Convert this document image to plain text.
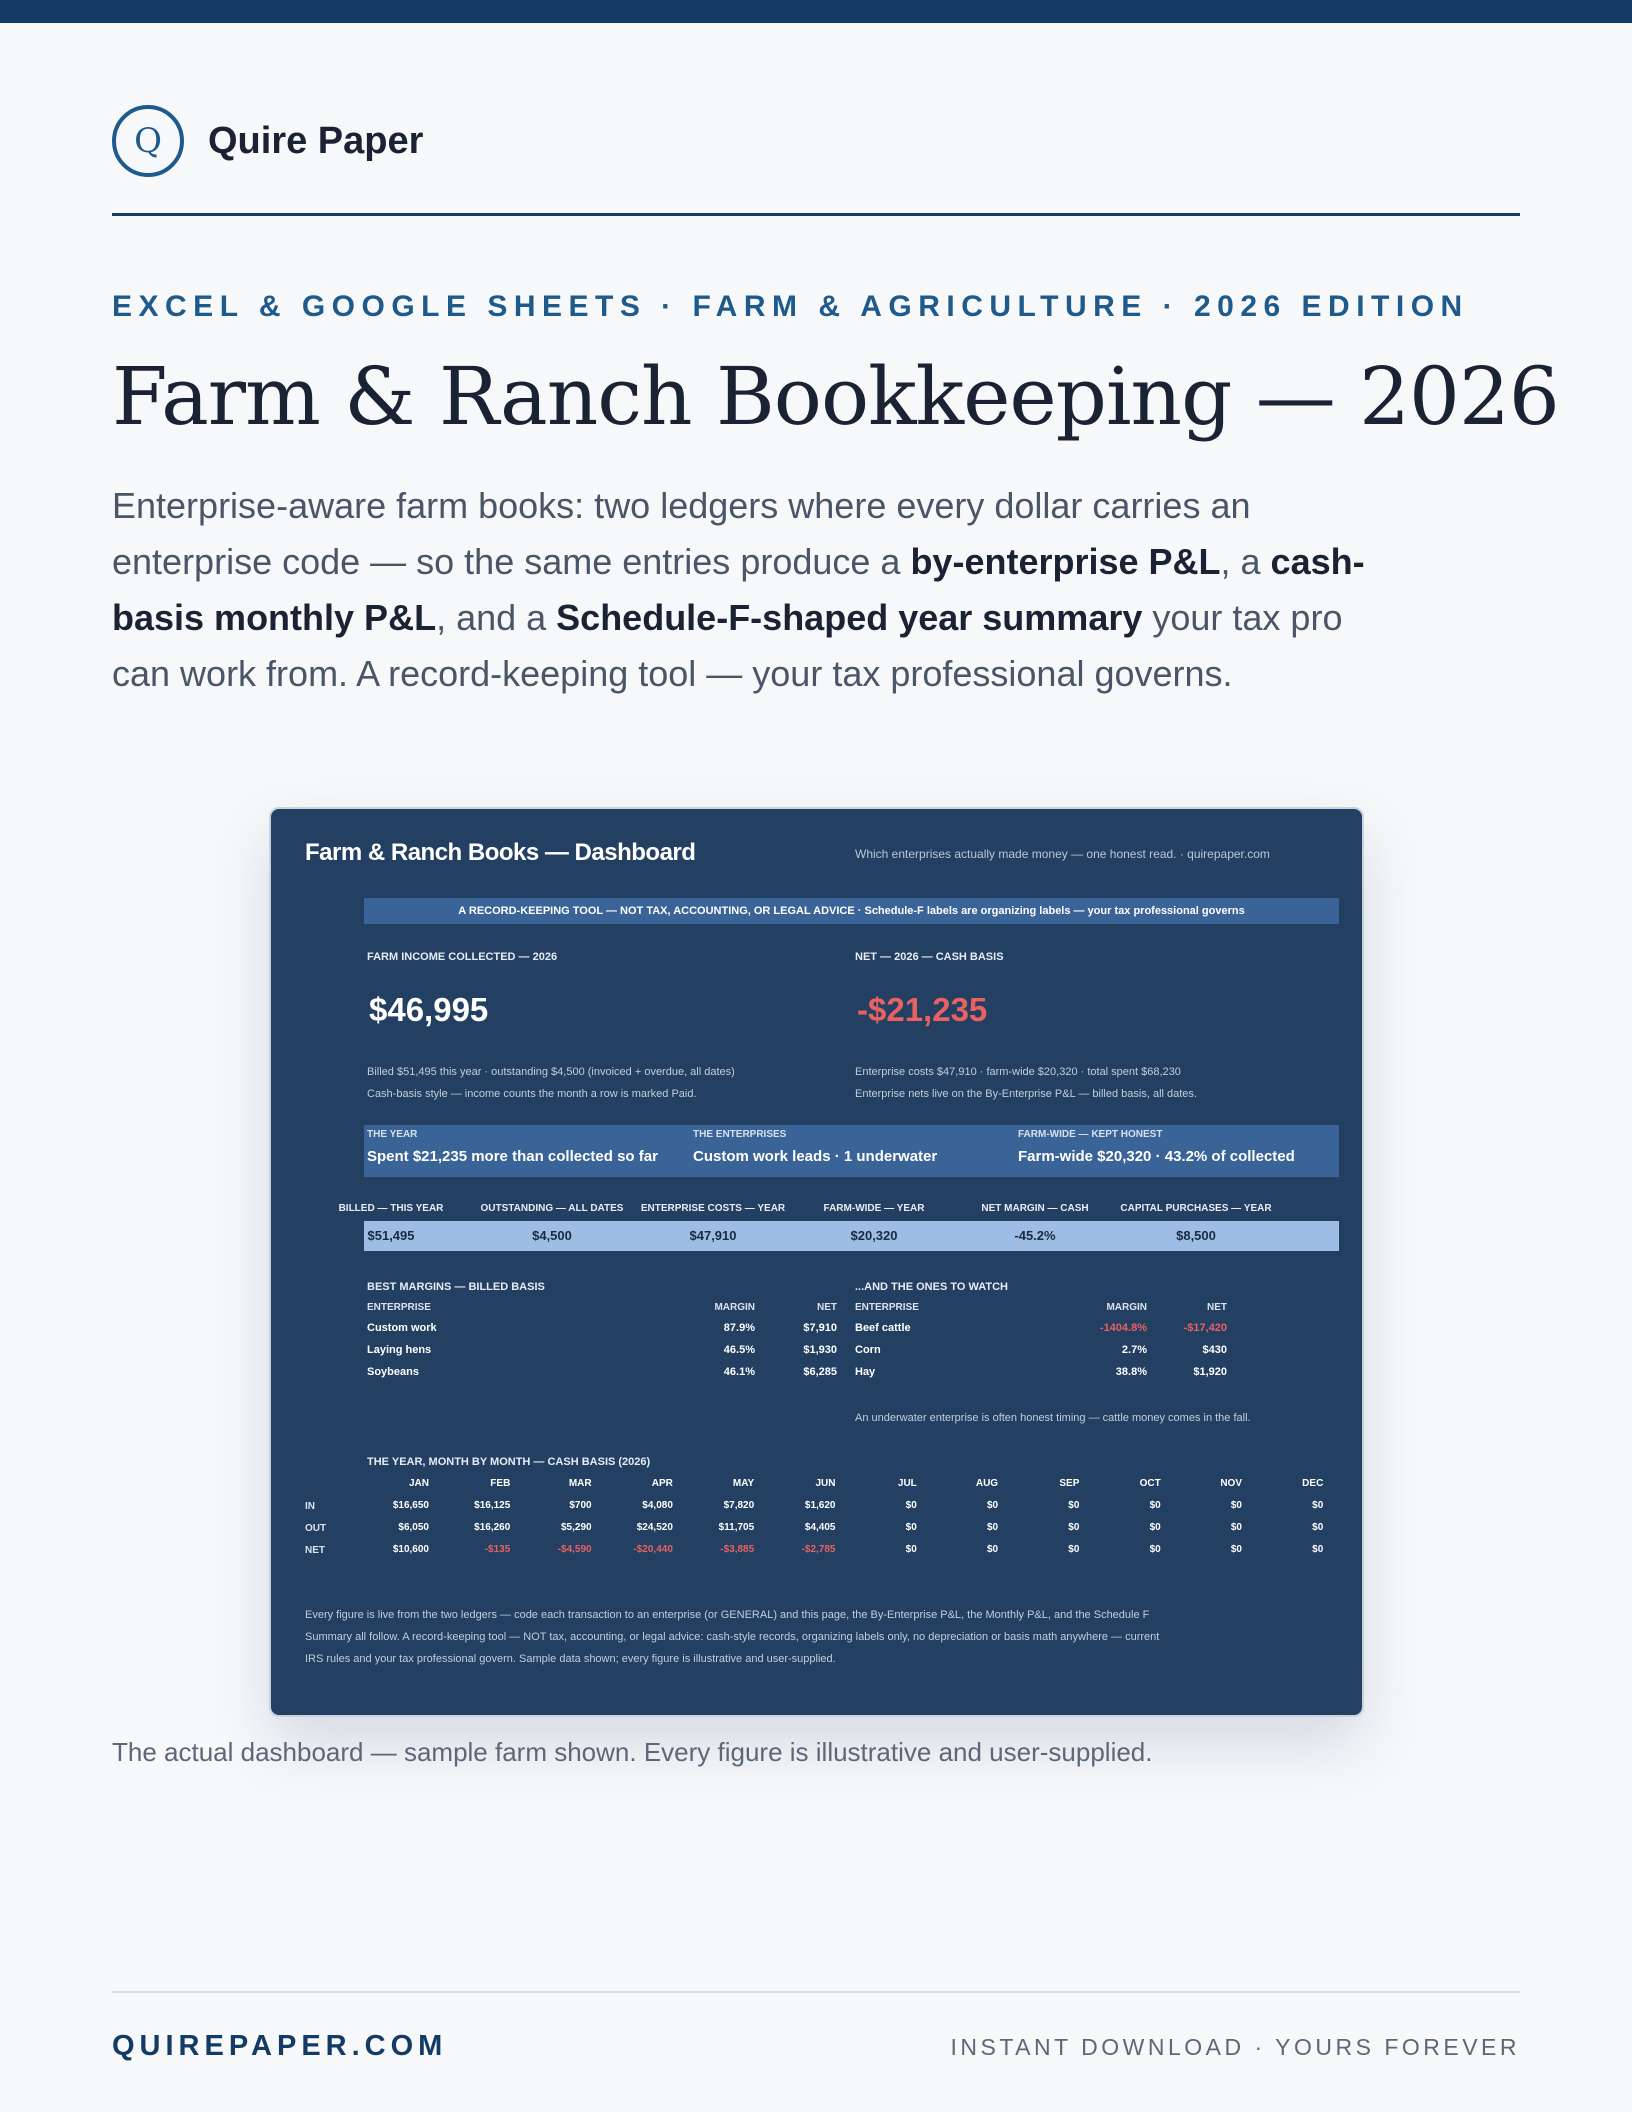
Q Quire Paper
EXCEL & GOOGLE SHEETS · FARM & AGRICULTURE · 2026 EDITION
Farm & Ranch Bookkeeping — 2026

Enterprise-aware farm books: two ledgers where every dollar carries an enterprise code — so the same entries produce a by-enterprise P&L, a cash-basis monthly P&L, and a Schedule-F-shaped year summary your tax pro can work from. A record-keeping tool — your tax professional governs.

Farm & Ranch Books — Dashboard	Which enterprises actually made money — one honest read. · quirepaper.com
A RECORD-KEEPING TOOL — NOT TAX, ACCOUNTING, OR LEGAL ADVICE · Schedule-F labels are organizing labels — your tax professional governs
FARM INCOME COLLECTED — 2026
$46,995
Billed $51,495 this year · outstanding $4,500 (invoiced + overdue, all dates)
Cash-basis style — income counts the month a row is marked Paid.
NET — 2026 — CASH BASIS
-$21,235
Enterprise costs $47,910 · farm-wide $20,320 · total spent $68,230
Enterprise nets live on the By-Enterprise P&L — billed basis, all dates.
THE YEAR
Spent $21,235 more than collected so far
THE ENTERPRISES
Custom work leads · 1 underwater
FARM-WIDE — KEPT HONEST
Farm-wide $20,320 · 43.2% of collected
BILLED — THIS YEAR	OUTSTANDING — ALL DATES	ENTERPRISE COSTS — YEAR	FARM-WIDE — YEAR	NET MARGIN — CASH	CAPITAL PURCHASES — YEAR
$51,495	$4,500	$47,910	$20,320	-45.2%	$8,500
BEST MARGINS — BILLED BASIS
ENTERPRISE	MARGIN	NET
Custom work	87.9%	$7,910
Laying hens	46.5%	$1,930
Soybeans	46.1%	$6,285
...AND THE ONES TO WATCH
ENTERPRISE	MARGIN	NET
Beef cattle	-1404.8%	-$17,420
Corn	2.7%	$430
Hay	38.8%	$1,920
An underwater enterprise is often honest timing — cattle money comes in the fall.
THE YEAR, MONTH BY MONTH — CASH BASIS (2026)
JAN	FEB	MAR	APR	MAY	JUN	JUL	AUG	SEP	OCT	NOV	DEC
IN	$16,650	$16,125	$700	$4,080	$7,820	$1,620	$0	$0	$0	$0	$0	$0
OUT	$6,050	$16,260	$5,290	$24,520	$11,705	$4,405	$0	$0	$0	$0	$0	$0
NET	$10,600	-$135	-$4,590	-$20,440	-$3,885	-$2,785	$0	$0	$0	$0	$0	$0
Every figure is live from the two ledgers — code each transaction to an enterprise (or GENERAL) and this page, the By-Enterprise P&L, the Monthly P&L, and the Schedule F Summary all follow. A record-keeping tool — NOT tax, accounting, or legal advice: cash-style records, organizing labels only, no depreciation or basis math anywhere — current IRS rules and your tax professional govern. Sample data shown; every figure is illustrative and user-supplied.
The actual dashboard — sample farm shown. Every figure is illustrative and user-supplied.
QUIREPAPER.COM	INSTANT DOWNLOAD · YOURS FOREVER
